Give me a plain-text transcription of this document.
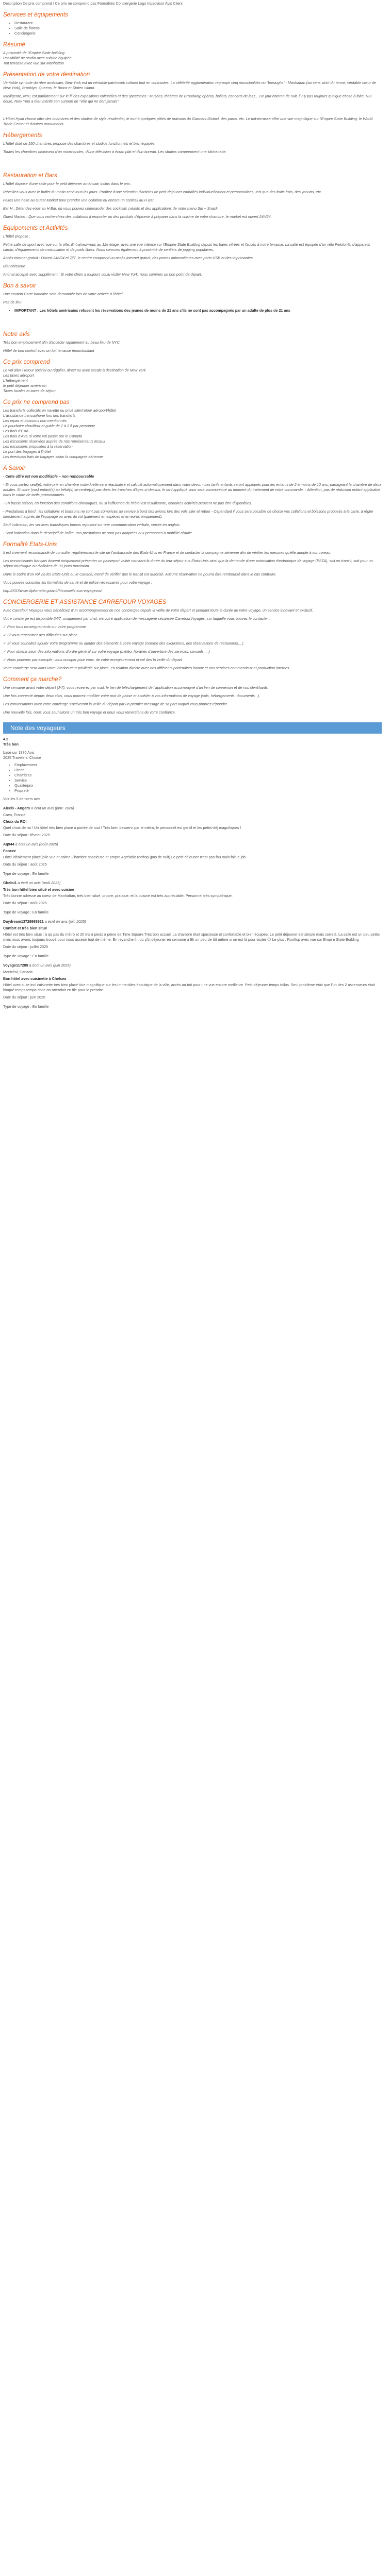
Description Ce prix comprend / Ce prix ne comprend pas Formalités Conciergerie Logo tripadvisor Avis Client
Services et équipements
• Restaurant
• Salle de fitness
• Conciergerie
Résumé

A proximité de l'Empire State building

Possibilité de studio avec cuisine équipée

Toit terrasse avec vue sur Manhattan

Présentation de votre destination

Véritable symbole du rêve américain, New York est un véritable patchwork culturel tout en contrastes. La célébrité agglomération regroupe cinq municipalités ou "boroughs" : Manhattan (au sens strict du terme, véritable cœur de New York), Brooklyn, Queens, le Bronx et Staten Island.

Intelligente, NYC est parfaitement sur le fil des expositions culturelles et des spectacles : Musées, théâtres de Broadway, opéras, ballets, concerts de jazz... De jour comme de nuit, il n'y pas toujours quelque chose à faire. Nul doute, New York a bien mérité son surnom de "ville qui ne dort jamais".

L'Hôtel Hyatt House offre des chambres et des studios de style résidentiel, le tout à quelques pâtés de maisons du Garment District, des parcs, etc. Le toit-terrasse offre une vue magnifique sur l'Empire State Building, le World Trade Center et d'autres monuments.

Hébergements

L'hôtel doté de 150 chambres propose des chambres et studios fonctionnels et bien équipés.

Toutes les chambres disposent d'un micro-ondes, d'une télévision à écran plat et d'un bureau. Les studios comprennent une kitchenette.

Restauration et Bars

L'hôtel dispose d'une salle pour le petit déjeuner américain inclus dans le prix.

Réveillez-vous avec le buffet du matin servi tous les jours. Profitez d'une sélection d'articles de petit-déjeuner emballés individuellement et personnalisés, tels que des fruits frais, des yaourts, etc.

Faites une halte au Guest Market pour prendre une collation ou encore un cocktail au H Bar.

Bar H : Détendez-vous au H Bar, où vous pouvez commander des cocktails créatifs et des applications de notre menu Sip + Snack.

Guest Market : Que vous recherchiez des collations à emporter ou des produits d'épicerie à préparer dans la cuisine de votre chambre, le market est ouvert 24h/24.

Equipements et Activités

L'hôtel propose :

Petite salle de sport avec vue sur la ville. Entraînez-vous au 12e étage, avec une vue intense sur l'Empire State Building depuis les baies vitrées et l'accès à notre terrasse. La salle est équipée d'un vélo Peloton®, d'appareils cardio, d'équipements de musculation et de poids libres. Nous sommes également à proximité de sentiers de jogging populaires.

Accès internet gratuit : Ouvert 24h/24 et 7j/7, le centre comprend un accès Internet gratuit, des postes informatiques avec ports USB et des imprimantes.

Blanchisserie

Animal accepté avec supplément : Si votre chien a toujours voulu visiter New York, nous sommes un bon point de départ.

Bon à savoir

Une caution Carte bancaire sera demandée lors de votre arrivée à l'hôtel.

Pas de lieu

• IMPORTANT : Les hôtels américains refusent les réservations des jeunes de moins de 21 ans s'ils ne sont pas accompagnés par un adulte de plus de 21 ans
Notre avis

Très bon emplacement afin d'accéder rapidement au beau lieu de NYC.

Hôtel de bon confort avec un toit terrasse époustouflant

Ce prix comprend

Le vol aller / retour spécial ou régulier, direct ou avec escale à destination de New York

Les taxes aéroport

L'hébergement

le petit déjeuner américain

Taxes locales et taxes de séjour

Ce prix ne comprend pas

Les transferts collectifs en navette ou privé aller/retour aéroport/hôtel

L'assistance francophone lors des transferts

Les repas et boissons non mentionnés

Le pourboire chauffeur et guide de 1 à 2 $ par personne

Les frais d'Esta

Les frais d'AVE si votre vol passe par le Canada

Les excursions réservées auprès de nos représentants locaux

Les excursions proposées à la réservation

Le port des bagages à l'hôtel

Les éventuels frais de bagages selon la compagnie aérienne

A Savoir

- Cette offre est non modifiable – non remboursable

- Si vous partez seul(e), votre prix en chambre individuelle sera réactualisé et calculé automatiquement dans votre devis. - Les tarifs enfants seront appliqués pour les enfants de 2 à moins de 12 ans, partageant la chambre de deux adultes. Si votre (vos) enfant(s) au bébé(s) se rentre(nt) pas dans les tranches d'âges ci-dessus, le tarif appliqué vous sera communiqué au moment du traitement de votre commande. - Attention, pas de réduction enfant applicable dans le cadre de tarifs promotionnels.

- En basse saison, en fonction des conditions climatiques, ou si l'affluence de l'hôtel est insuffisante, certaines activités peuvent ne pas être disponibles.

- Prestations à bord : les collations et boissons ne sont pas comprises au service à bord des avions lors des vols aller et retour - Cependant il vous sera possible de choisir vos collations et boissons proposés à la carte, à régler directement auprès de l'équipage ou avec du vol (paiement en espèces et en euros uniquement).

Sauf indication, les services touristiques fournis reposent sur une communication verbale, verrée en anglais

- Sauf indication dans le descriptif de l'offre, nos prestations ne sont pas adaptées aux personnes à mobilité réduite.

Formalité Etats-Unis

Il est vivement recommandé de consulter régulièrement le site de l'ambassade des Etats-Unis en France et de contacter la compagnie aérienne afin de vérifier les mesures qu'elle adopte à son niveau.

Les ressortissants français doivent uniquement présenter un passeport valide couvrant la durée du leur séjour aux États-Unis ainsi que la demande d'une autorisation électronique de voyage (ESTA), soit en transit, soit pour un séjour touristique ou d'affaires de 90 jours maximum.

Dans le cadre d'un vol via les États-Unis ou le Canada, merci de vérifier que le transit est autorisé. Aucune réservation ne pourra être remboursé dans le cas contraire.

Vous pouvez consulter les formalités de santé et de police nécessaires pour votre voyage :

http://XXXwww.diplomatie.gouv.fr/fr/conseils-aux-voyageurs/

CONCIERGERIE ET ASSISTANCE CARREFOUR VOYAGES

Avec Carrefour Voyages vous bénéficiez d'un accompagnement de nos concierges depuis la veille de votre départ et pendant toute la durée de votre voyage, un service innovant et exclusif.

Votre concierge est disponible 24/7, uniquement par chat, via votre application de messagerie sécurisée CarrefourVoyages, sur laquelle vous pouvez le contacter :

✓ Pour tous renseignements sur votre programme

✓ Si vous rencontrez des difficultés sur place

✓ Si vous souhaitez ajouter votre programme ou ajouter des éléments à votre voyage (comme des excursions, des réservations de restaurants,...)

✓ Pour obtenir avoir des informations d'ordre général sur votre voyage (météo, horaires d'ouverture des services, conseils, ...)

✓ Nous pouvons par exemple, vous occuper pour vous, de votre enregistrement et vol des la veille du départ

Votre concierge sera alors votre interlocuteur privilégié sur place, en relation directe avec nos différents partenaires locaux et nos services commerciaux et production internes.

Comment ça marche?

Une semaine avant votre départ (J-7), vous recevrez par mail, le lien de téléchargement de l'application accompagné d'un lien de connexion et de vos identifiants.

Une fois connecté depuis deux clics, vous pourrez modifier votre mot de passe et accéder à vos informations de voyage (vols, hébergements, documents...).

Les conversations avec votre concierge s'activeront la veille du départ par un premier message de sa part auquel vous pourrez répondre.

Une nouvelle fois, nous vous souhaitons un très bon voyage et nous vous remercions de votre confiance.

Note des voyageurs
4.2
Très bon
basé sur 1370 Avis
2025 Travelers' Choice
• Emplacement
• Literie
• Chambres
• Service
• Qualité/prix
• Propreté
Voir les 5 derniers avis
Alexis - Angers a écrit un avis (janv. 2026)
Caen, France
Choix du ROI
Quel choix de roi ! Un hôtel très bien placé à portée de tout ! Très bien desservi par le métro, le personnel est gentil et les petits-déj magnifiques !
Date du séjour : février 2025
Aq944 a écrit un avis (août 2025)
Foncez
Hôtel idéalement placé jolie vue et calme Chambre spacieuse et propre Agréable rooftop (pas de nuit) Le petit déjeuner n'est pas fou mais fait le job
Date du séjour : août 2025
Type de voyage : En famille
Gbeloi1 a écrit un avis (août 2025)
Très bon hôtel bien situé et avec cuisine
Très bonne adresse au coeur de Manhattan, très bien situé, propre, pratique, et la cuisine est très appréciable. Personnel très sympathique.
Date du séjour : août 2025
Type de voyage : En famille
Daydream13729988921 a écrit un avis (juil. 2025)
Confort et très bien situé
Hôtel est très bien situé : à qq pas du métro et 20 ms à pieds à peine de Time Square Très bon accueil La chambre était spacieuse et confortable et bien équipée. Le petit déjeuner est simple mais correct. La salle est un peu petite mais nous avons toujours trouvé pour nous asseoir tout de même. En revanche fin du p'tit déjeuner en semaine à 9h un peu de tôt même si on est là pour visiter 😉 Le plus : Rooftop avec vue sur Empire State Building
Date du séjour : juillet 2025
Type de voyage : En famille
Voyage117289 a écrit un avis (juin 2025)
Montréal, Canada
Bon hôtel avec cuisinette à Chelsea
Hôtel avec suite incl cuisinette très bien placé Vue magnifique sur les immeubles écoutique de la ville, accès au toit pour une vue encore meilleure. Petit déjeuner temps toilus. Seul problème était que l'un des 2 ascenseurs était bloqué temps temps donc on attendait en file pour le prendre.
Date du séjour : juin 2025
Type de voyage : En famille
